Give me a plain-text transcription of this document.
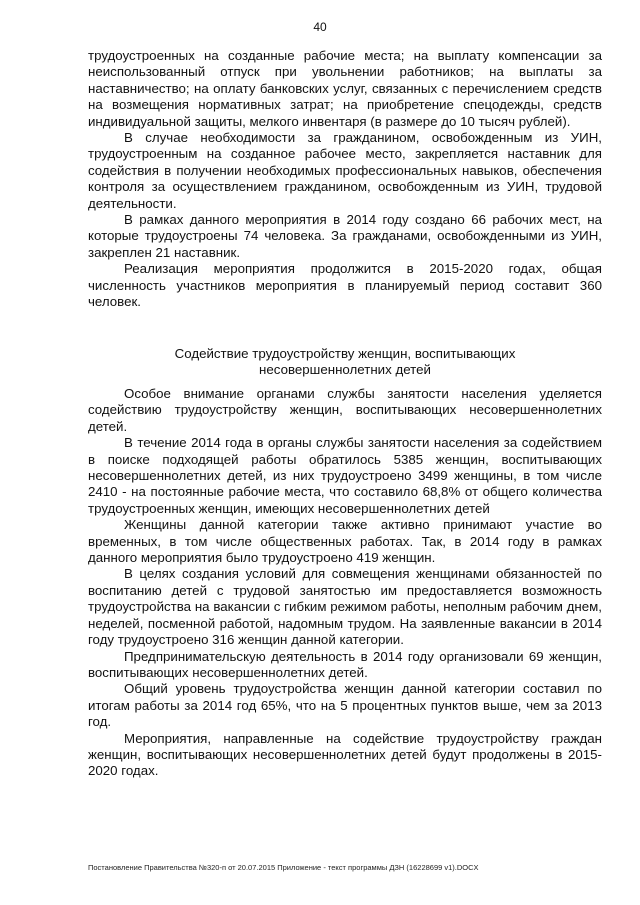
40

трудоустроенных на созданные рабочие места; на выплату компенсации за неиспользованный отпуск при увольнении работников; на выплаты за наставничество; на оплату банковских услуг, связанных с перечислением средств на возмещения нормативных затрат; на приобретение спецодежды, средств индивидуальной защиты, мелкого инвентаря (в размере до 10 тысяч рублей).

В случае необходимости за гражданином, освобожденным из УИН, трудоустроенным на созданное рабочее место, закрепляется наставник для содействия в получении необходимых профессиональных навыков, обеспечения контроля за осуществлением гражданином, освобожденным из УИН, трудовой деятельности.

В рамках данного мероприятия в 2014 году создано 66 рабочих мест, на которые трудоустроены 74 человека. За гражданами, освобожденными из УИН, закреплен 21 наставник.

Реализация мероприятия продолжится в 2015-2020 годах, общая численность участников мероприятия в планируемый период составит 360 человек.

Содействие трудоустройству женщин, воспитывающих
несовершеннолетних детей

Особое внимание органами службы занятости населения уделяется содействию трудоустройству женщин, воспитывающих несовершеннолетних детей.

В течение 2014 года в органы службы занятости населения за содействием в поиске подходящей работы обратилось 5385 женщин, воспитывающих несовершеннолетних детей, из них трудоустроено 3499 женщины, в том числе 2410 - на постоянные рабочие места, что составило 68,8% от общего количества трудоустроенных женщин, имеющих несовершеннолетних детей

Женщины данной категории также активно принимают участие во временных, в том числе общественных работах. Так, в 2014 году в рамках данного мероприятия было трудоустроено 419 женщин.

В целях создания условий для совмещения женщинами обязанностей по воспитанию детей с трудовой занятостью им предоставляется возможность трудоустройства на вакансии с гибким режимом работы, неполным рабочим днем, неделей, посменной работой, надомным трудом. На заявленные вакансии в 2014 году трудоустроено 316 женщин данной категории.

Предпринимательскую деятельность в 2014 году организовали 69 женщин, воспитывающих несовершеннолетних детей.

Общий уровень трудоустройства женщин данной категории составил по итогам работы за 2014 год 65%, что на 5 процентных пунктов выше, чем за 2013 год.

Мероприятия, направленные на содействие трудоустройству граждан женщин, воспитывающих несовершеннолетних детей будут продолжены в 2015-2020 годах.

Постановление Правительства №320-п от 20.07.2015 Приложение - текст программы ДЗН (16228699 v1).DOCX
